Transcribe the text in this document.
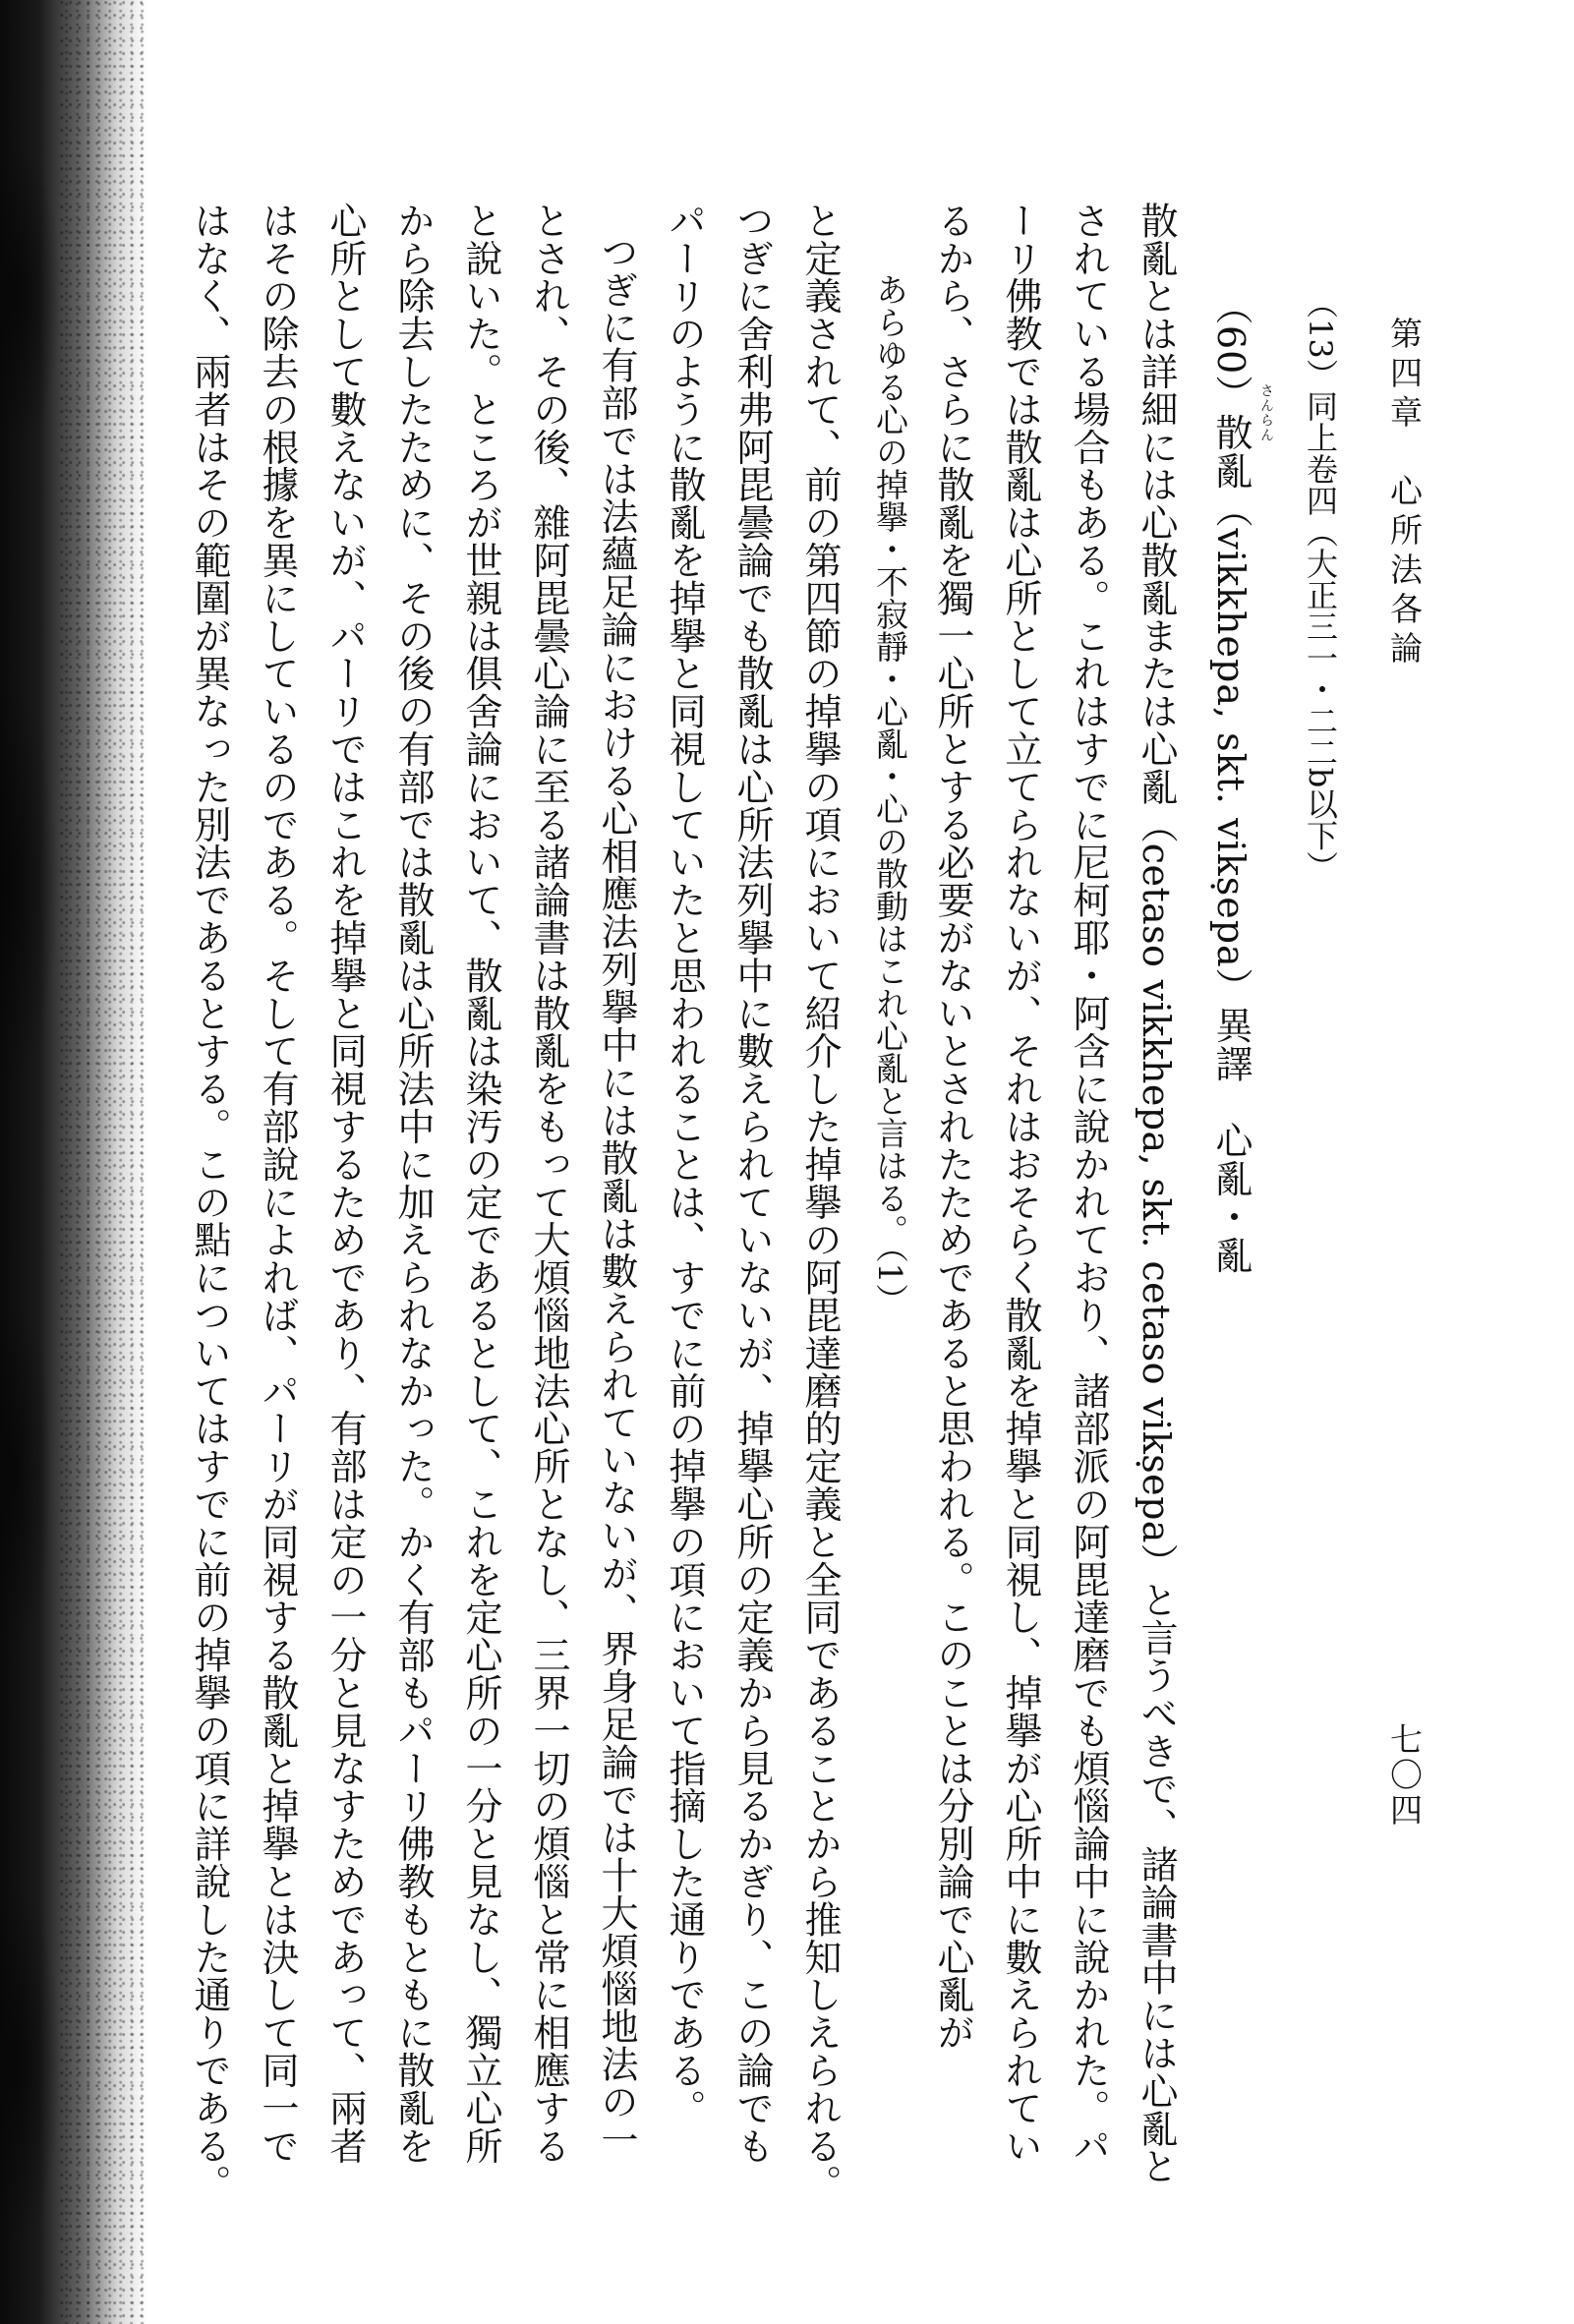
第四章　心所法各論
七〇四
（13）同上卷四（大正三一・二二b以下）
（60）散亂（vikkhepa, skt. vikṣepa）異譯　心亂・亂 さんらん
散亂とは詳細には心散亂または心亂（cetaso vikkhepa, skt. cetaso vikṣepa）と言うべきで、諸論書中には心亂と
されている場合もある。これはすでに尼柯耶・阿含に說かれており、諸部派の阿毘達磨でも煩惱論中に說かれた。パ
ーリ佛教では散亂は心所として立てられないが、それはおそらく散亂を掉擧と同視し、掉擧が心所中に數えられてい
るから、さらに散亂を獨一心所とする必要がないとされたためであると思われる。このことは分別論で心亂が
あらゆる心の掉擧・不寂靜・心亂・心の散動はこれ心亂と言はる。（1）
と定義されて、前の第四節の掉擧の項において紹介した掉擧の阿毘達磨的定義と全同であることから推知しえられる。
つぎに舍利弗阿毘曇論でも散亂は心所法列擧中に數えられていないが、掉擧心所の定義から見るかぎり、この論でも
パーリのように散亂を掉擧と同視していたと思われることは、すでに前の掉擧の項において指摘した通りである。
つぎに有部では法蘊足論における心相應法列擧中には散亂は數えられていないが、界身足論では十大煩惱地法の一
とされ、その後、雜阿毘曇心論に至る諸論書は散亂をもって大煩惱地法心所となし、三界一切の煩惱と常に相應する
と說いた。ところが世親は俱舍論において、散亂は染汚の定であるとして、これを定心所の一分と見なし、獨立心所
から除去したために、その後の有部では散亂は心所法中に加えられなかった。かく有部もパーリ佛教もともに散亂を
心所として數えないが、パーリではこれを掉擧と同視するためであり、有部は定の一分と見なすためであって、兩者
はその除去の根據を異にしているのである。そして有部說によれば、パーリが同視する散亂と掉擧とは決して同一で
はなく、兩者はその範圍が異なった別法であるとする。この點についてはすでに前の掉擧の項に詳說した通りである。
